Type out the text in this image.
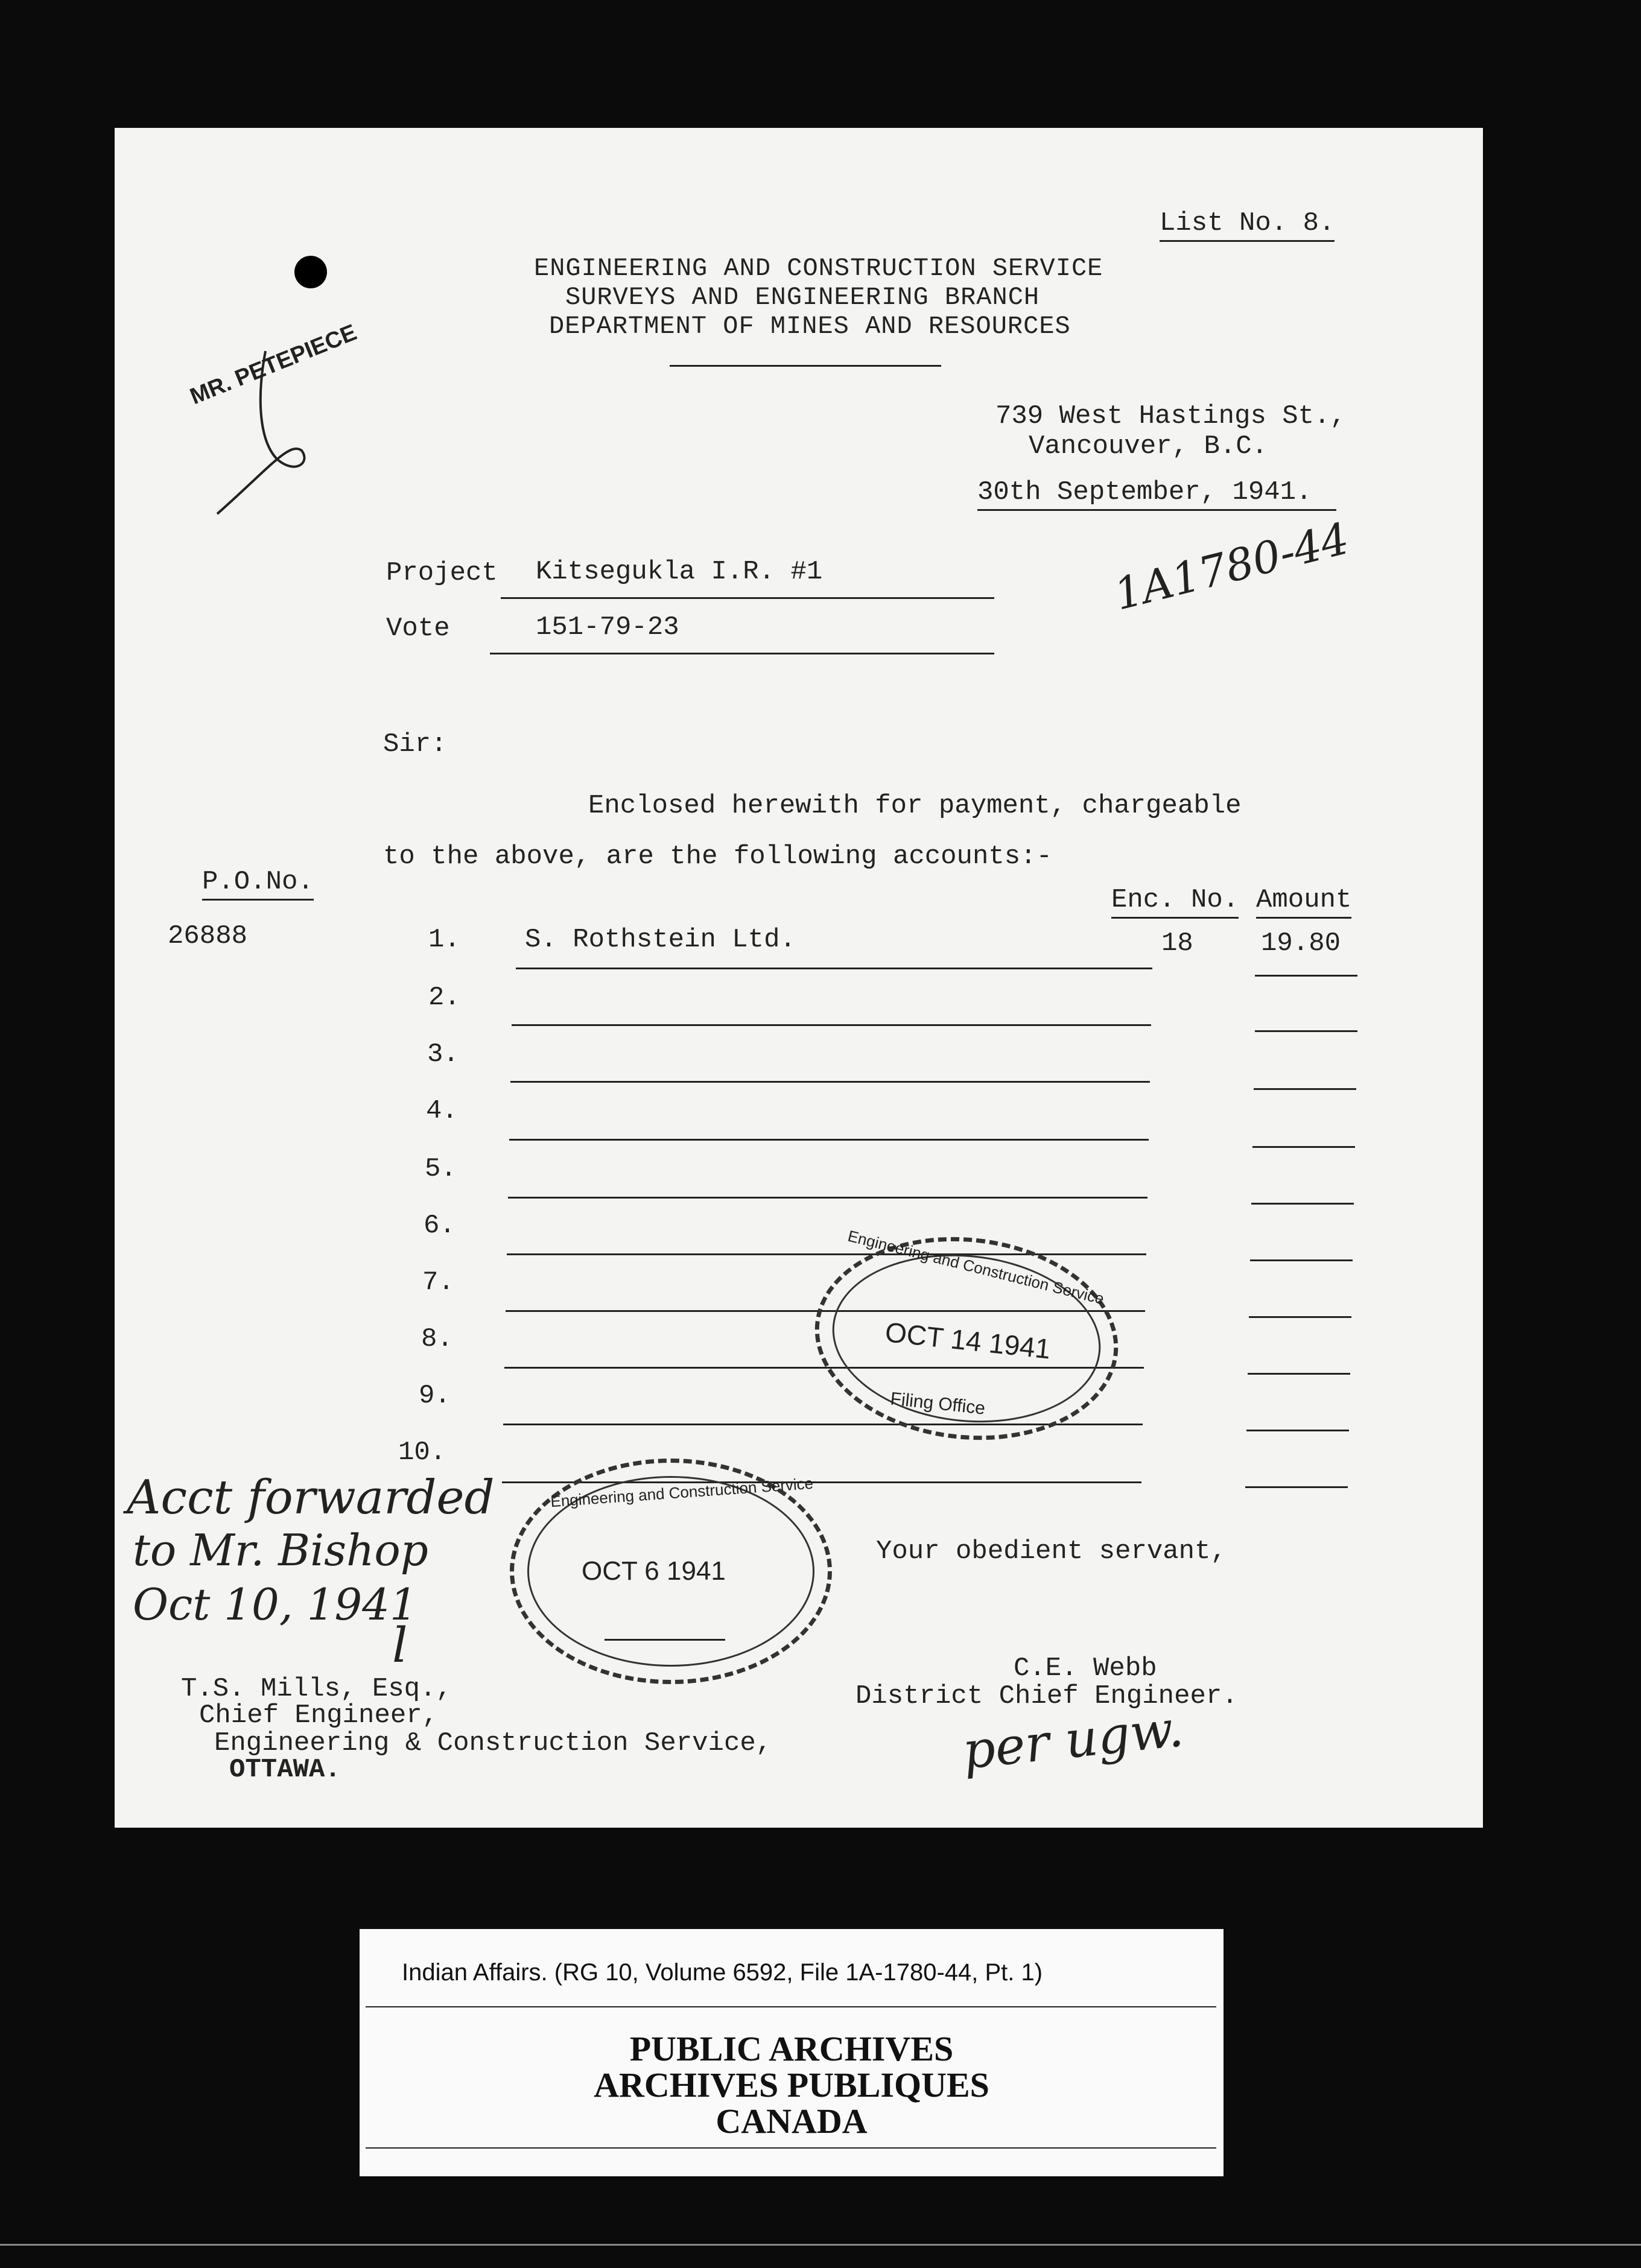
List No. 8.
ENGINEERING AND CONSTRUCTION SERVICE
SURVEYS AND ENGINEERING BRANCH
DEPARTMENT OF MINES AND RESOURCES
739 West Hastings St.,
Vancouver, B.C.
30th September, 1941.
MR. PETEPIECE
1A1780-44
Project Kitsegukla I.R. #1
Vote	151-79-23
Sir:
Enclosed herewith for payment, chargeable
to the above, are the following accounts:-
P.O.No.
Enc. No. Amount
26888	1. S. Rothstein Ltd.	18	19.80
2.
3.
4.
5.
6.
7.
8.
9.
10.
Engineering and Construction Service
OCT 14 1941
Filing Office
Engineering and Construction Service
OCT 6 1941
Acct forwarded
to Mr. Bishop
Oct 10, 1941
l
Your obedient servant,
T.S. Mills, Esq.,
Chief Engineer,
Engineering & Construction Service,
OTTAWA.
C.E. Webb
District Chief Engineer.
per ugw.
Indian Affairs. (RG 10, Volume 6592, File 1A-1780-44, Pt. 1)
PUBLIC ARCHIVES
ARCHIVES PUBLIQUES
CANADA
